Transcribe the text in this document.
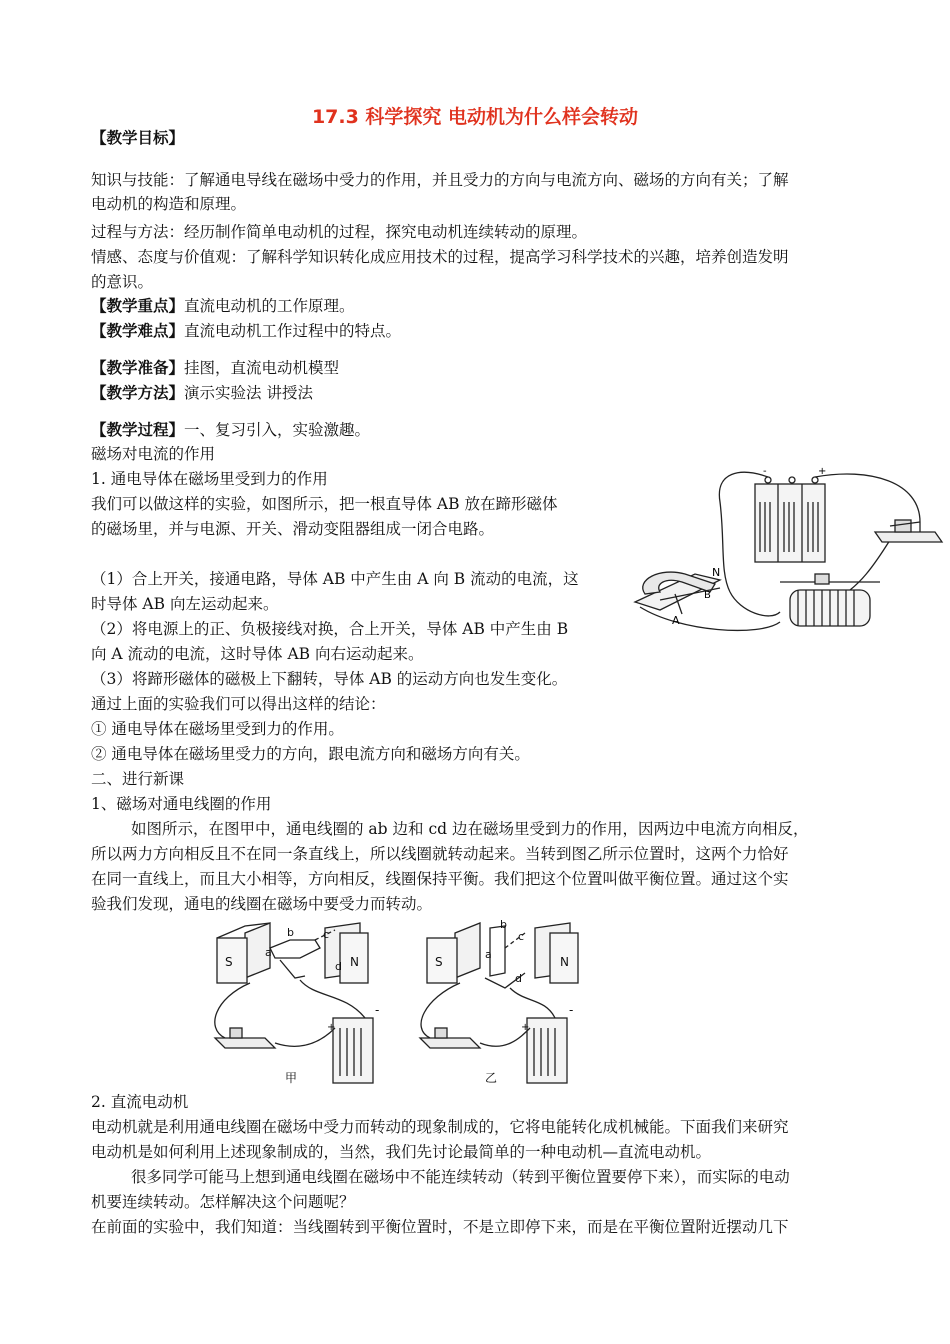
17.3 科学探究 电动机为什么样会转动
【教学目标】
知识与技能：了解通电导线在磁场中受力的作用，并且受力的方向与电流方向、磁场的方向有关；了解
电动机的构造和原理。
过程与方法：经历制作简单电动机的过程，探究电动机连续转动的原理。
情感、态度与价值观：了解科学知识转化成应用技术的过程，提高学习科学技术的兴趣，培养创造发明
的意识。
【教学重点】直流电动机的工作原理。
【教学难点】直流电动机工作过程中的特点。
【教学准备】挂图，直流电动机模型
【教学方法】演示实验法 讲授法
【教学过程】一、复习引入，实验激趣。
磁场对电流的作用
1. 通电导体在磁场里受到力的作用
我们可以做这样的实验，如图所示，把一根直导体 AB 放在蹄形磁体
的磁场里，并与电源、开关、滑动变阻器组成一闭合电路。
（1）合上开关，接通电路，导体 AB 中产生由 A 向 B 流动的电流，这
时导体 AB 向左运动起来。
（2）将电源上的正、负极接线对换，合上开关，导体 AB 中产生由 B
向 A 流动的电流，这时导体 AB 向右运动起来。
（3）将蹄形磁体的磁极上下翻转，导体 AB 的运动方向也发生变化。
通过上面的实验我们可以得出这样的结论：
① 通电导体在磁场里受到力的作用。
② 通电导体在磁场里受力的方向，跟电流方向和磁场方向有关。
二、进行新课
1、磁场对通电线圈的作用
如图所示，在图甲中，通电线圈的 ab 边和 cd 边在磁场里受到力的作用，因两边中电流方向相反，
所以两力方向相反且不在同一条直线上，所以线圈就转动起来。当转到图乙所示位置时，这两个力恰好
在同一直线上，而且大小相等，方向相反，线圈保持平衡。我们把这个位置叫做平衡位置。通过这个实
验我们发现，通电的线圈在磁场中要受力而转动。
2. 直流电动机
电动机就是利用通电线圈在磁场中受力而转动的现象制成的，它将电能转化成机械能。下面我们来研究
电动机是如何利用上述现象制成的，当然，我们先讨论最简单的一种电动机—直流电动机。
很多同学可能马上想到通电线圈在磁场中不能连续转动（转到平衡位置要停下来），而实际的电动
机要连续转动。怎样解决这个问题呢？
在前面的实验中，我们知道：当线圈转到平衡位置时，不是立即停下来，而是在平衡位置附近摆动几下
N
B
A
+
-
S	N
a
b	c
d
-
+
甲
S	N
a
b
c
d
-
+
乙
